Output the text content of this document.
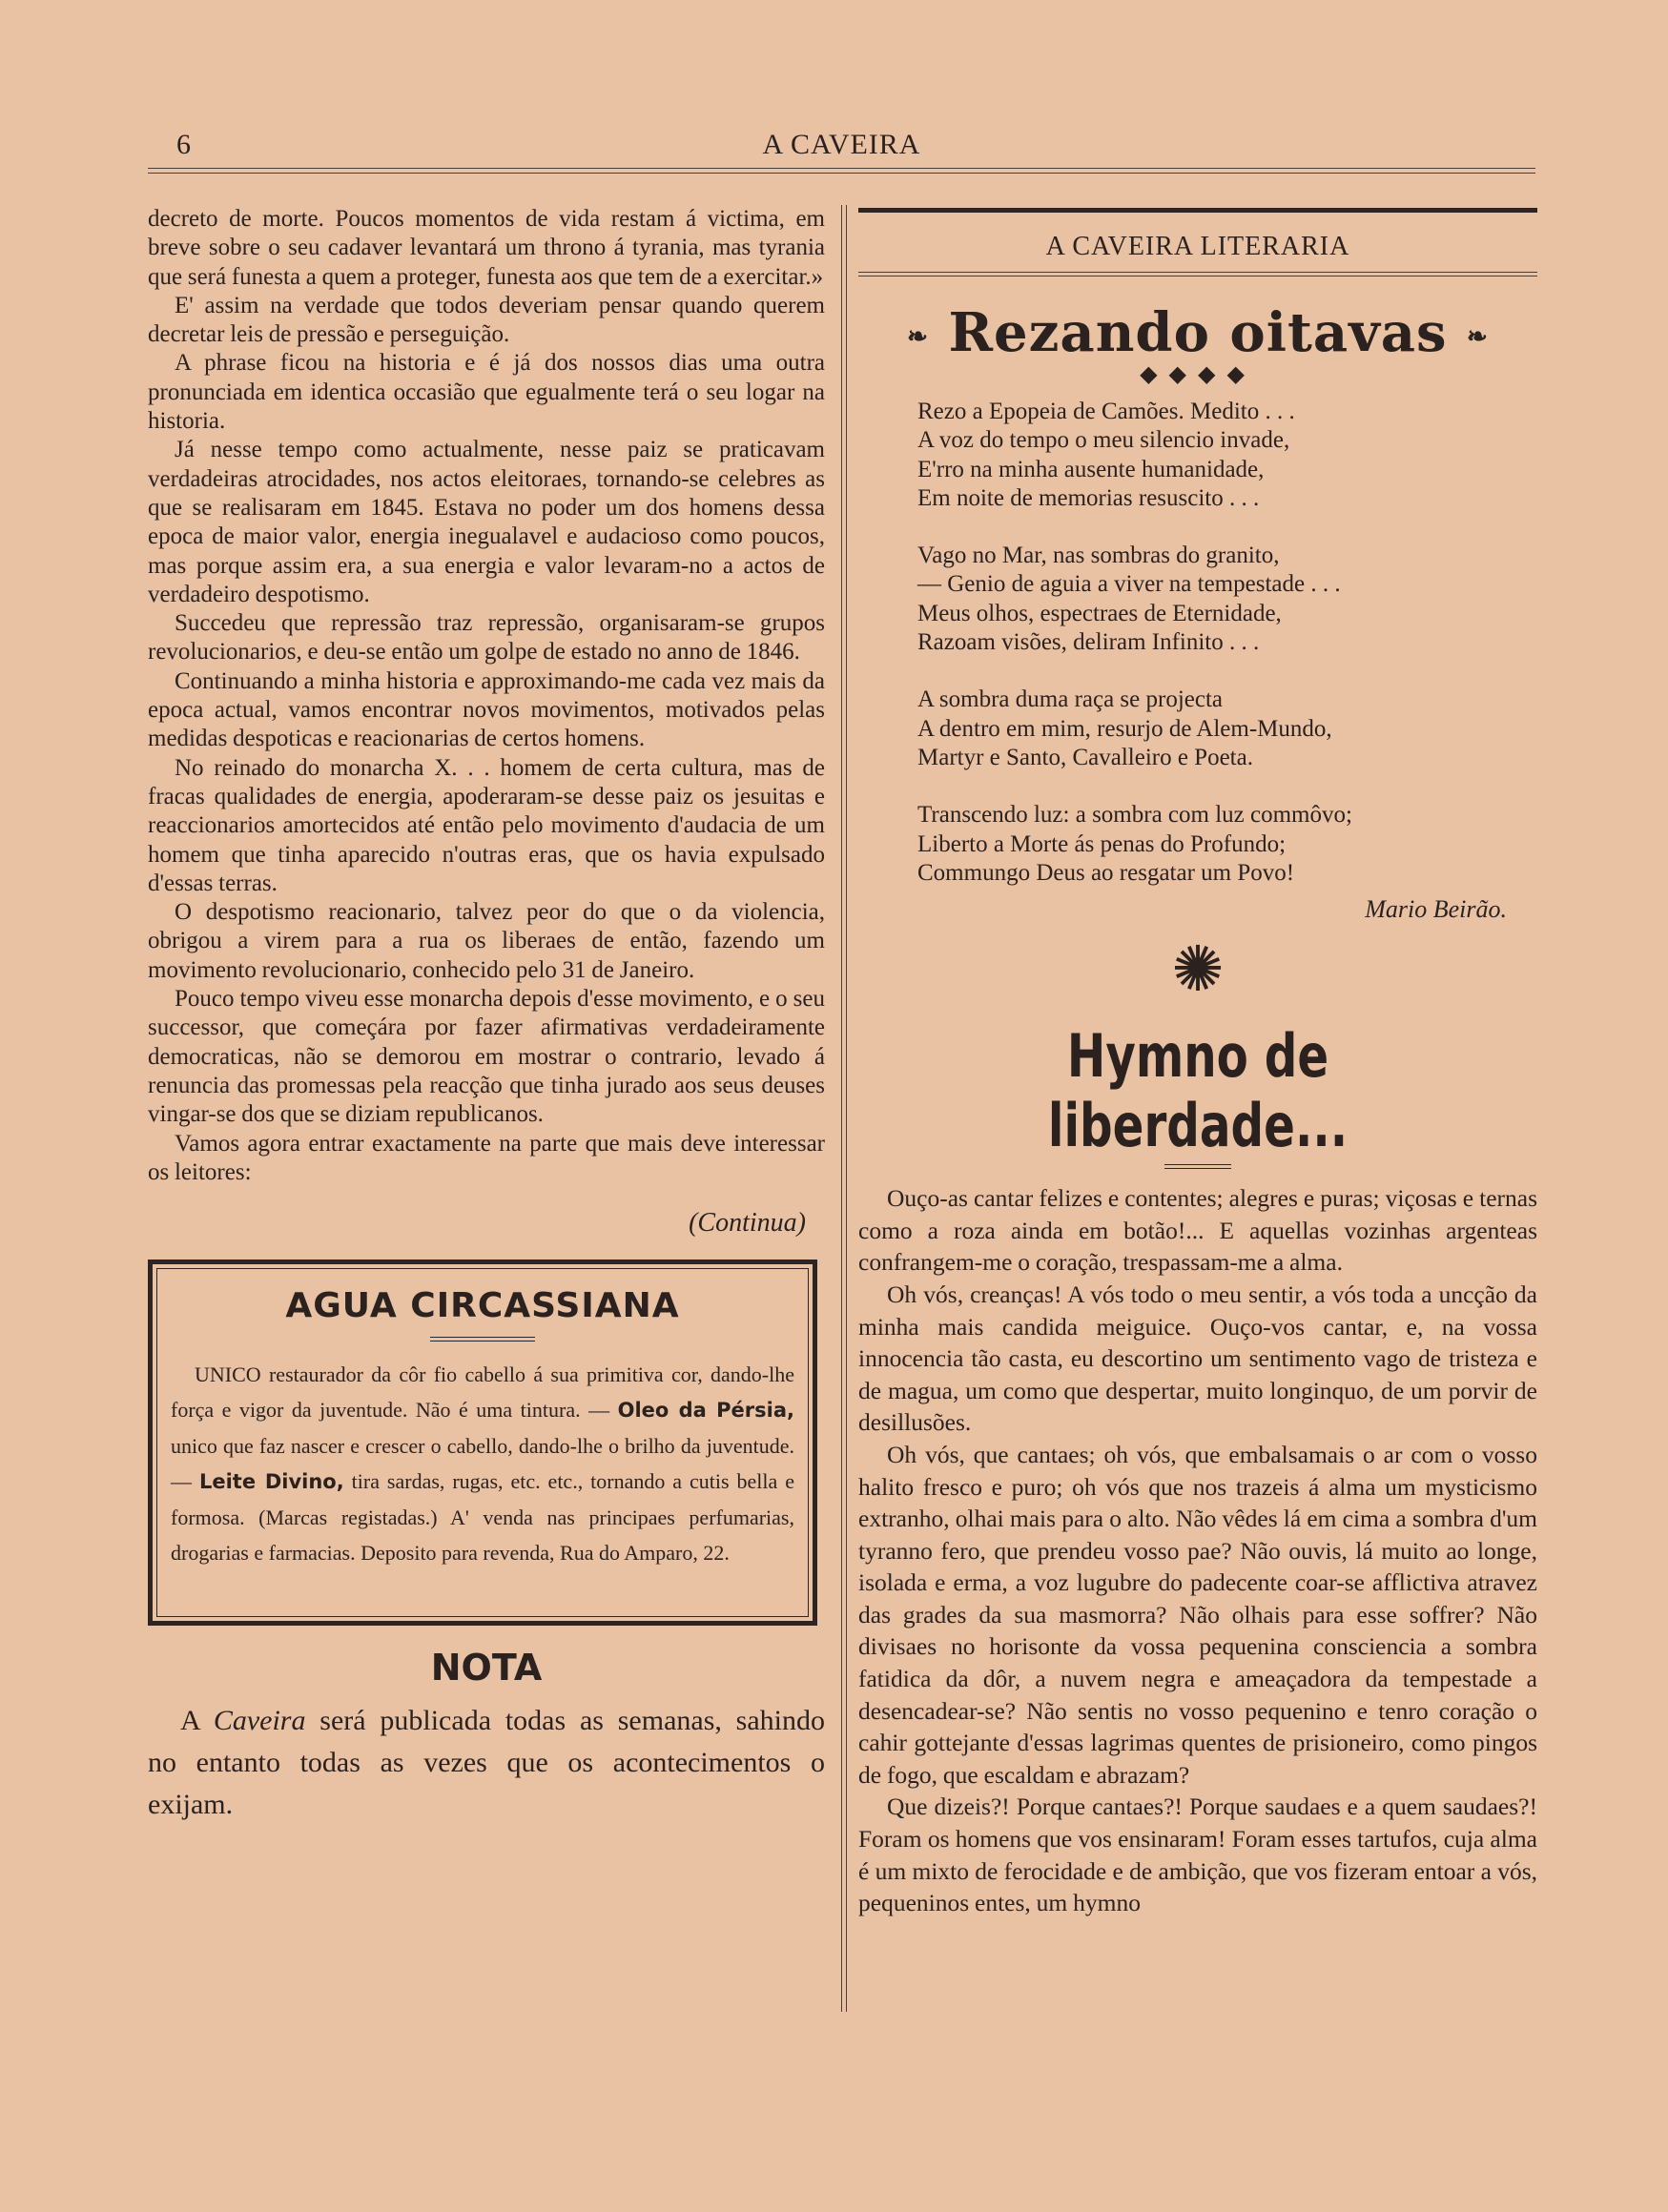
6	A CAVEIRA

decreto de morte. Poucos momentos de vida restam á victima, em breve sobre o seu cadaver levantará um throno á tyrania, mas tyrania que será funesta a quem a proteger, funesta aos que tem de a exercitar.»

E' assim na verdade que todos deveriam pensar quando querem decretar leis de pressão e perseguição.

A phrase ficou na historia e é já dos nossos dias uma outra pronunciada em identica occasião que egualmente terá o seu logar na historia.

Já nesse tempo como actualmente, nesse paiz se praticavam verdadeiras atrocidades, nos actos eleitoraes, tornando-se celebres as que se realisaram em 1845. Estava no poder um dos homens dessa epoca de maior valor, energia inegualavel e audacioso como poucos, mas porque assim era, a sua energia e valor levaram-no a actos de verdadeiro despotismo.

Succedeu que repressão traz repressão, organisaram-se grupos revolucionarios, e deu-se então um golpe de estado no anno de 1846.

Continuando a minha historia e approximando-me cada vez mais da epoca actual, vamos encontrar novos movimentos, motivados pelas medidas despoticas e reacionarias de certos homens.

No reinado do monarcha X. . . homem de certa cultura, mas de fracas qualidades de energia, apoderaram-se desse paiz os jesuitas e reaccionarios amortecidos até então pelo movimento d'audacia de um homem que tinha aparecido n'outras eras, que os havia expulsado d'essas terras.

O despotismo reacionario, talvez peor do que o da violencia, obrigou a virem para a rua os liberaes de então, fazendo um movimento revolucionario, conhecido pelo 31 de Janeiro.

Pouco tempo viveu esse monarcha depois d'esse movimento, e o seu successor, que começára por fazer afirmativas verdadeiramente democraticas, não se demorou em mostrar o contrario, levado á renuncia das promessas pela reacção que tinha jurado aos seus deuses vingar-se dos que se diziam republicanos.

Vamos agora entrar exactamente na parte que mais deve interessar os leitores:

(Continua)
AGUA CIRCASSIANA

UNICO restaurador da côr fio cabello á sua primitiva cor, dando-lhe força e vigor da juventude. Não é uma tintura. — Oleo da Pérsia, unico que faz nascer e crescer o cabello, dando-lhe o brilho da juventude. — Leite Divino, tira sardas, rugas, etc. etc., tornando a cutis bella e formosa. (Marcas registadas.) A' venda nas principaes perfumarias, drogarias e farmacias. Deposito para revenda, Rua do Amparo, 22.

NOTA

A Caveira será publicada todas as semanas, sahindo no entanto todas as vezes que os acontecimentos o exijam.

A CAVEIRA LITERARIA
❧ Rezando oitavas ❧
◆◆◆◆
Rezo a Epopeia de Camões. Medito . . .
A voz do tempo o meu silencio invade,
E'rro na minha ausente humanidade,
Em noite de memorias resuscito . . .
Vago no Mar, nas sombras do granito,
— Genio de aguia a viver na tempestade . . .
Meus olhos, espectraes de Eternidade,
Razoam visões, deliram Infinito . . .
A sombra duma raça se projecta
A dentro em mim, resurjo de Alem-Mundo,
Martyr e Santo, Cavalleiro e Poeta.
Transcendo luz: a sombra com luz commôvo;
Liberto a Morte ás penas do Profundo;
Commungo Deus ao resgatar um Povo!
Mario Beirão.
✺
Hymno de liberdade...

Ouço-as cantar felizes e contentes; alegres e puras; viçosas e ternas como a roza ainda em botão!... E aquellas vozinhas argenteas confrangem-me o coração, trespassam-me a alma.

Oh vós, creanças! A vós todo o meu sentir, a vós toda a uncção da minha mais candida meiguice. Ouço-vos cantar, e, na vossa innocencia tão casta, eu descortino um sentimento vago de tristeza e de magua, um como que despertar, muito longinquo, de um porvir de desillusões.

Oh vós, que cantaes; oh vós, que embalsamais o ar com o vosso halito fresco e puro; oh vós que nos trazeis á alma um mysticismo extranho, olhai mais para o alto. Não vêdes lá em cima a sombra d'um tyranno fero, que prendeu vosso pae? Não ouvis, lá muito ao longe, isolada e erma, a voz lugubre do padecente coar-se afflictiva atravez das grades da sua masmorra? Não olhais para esse soffrer? Não divisaes no horisonte da vossa pequenina consciencia a sombra fatidica da dôr, a nuvem negra e ameaçadora da tempestade a desencadear-se? Não sentis no vosso pequenino e tenro coração o cahir gottejante d'essas lagrimas quentes de prisioneiro, como pingos de fogo, que escaldam e abrazam?

Que dizeis?! Porque cantaes?! Porque saudaes e a quem saudaes?! Foram os homens que vos ensinaram! Foram esses tartufos, cuja alma é um mixto de ferocidade e de ambição, que vos fizeram entoar a vós, pequeninos entes, um hymno
